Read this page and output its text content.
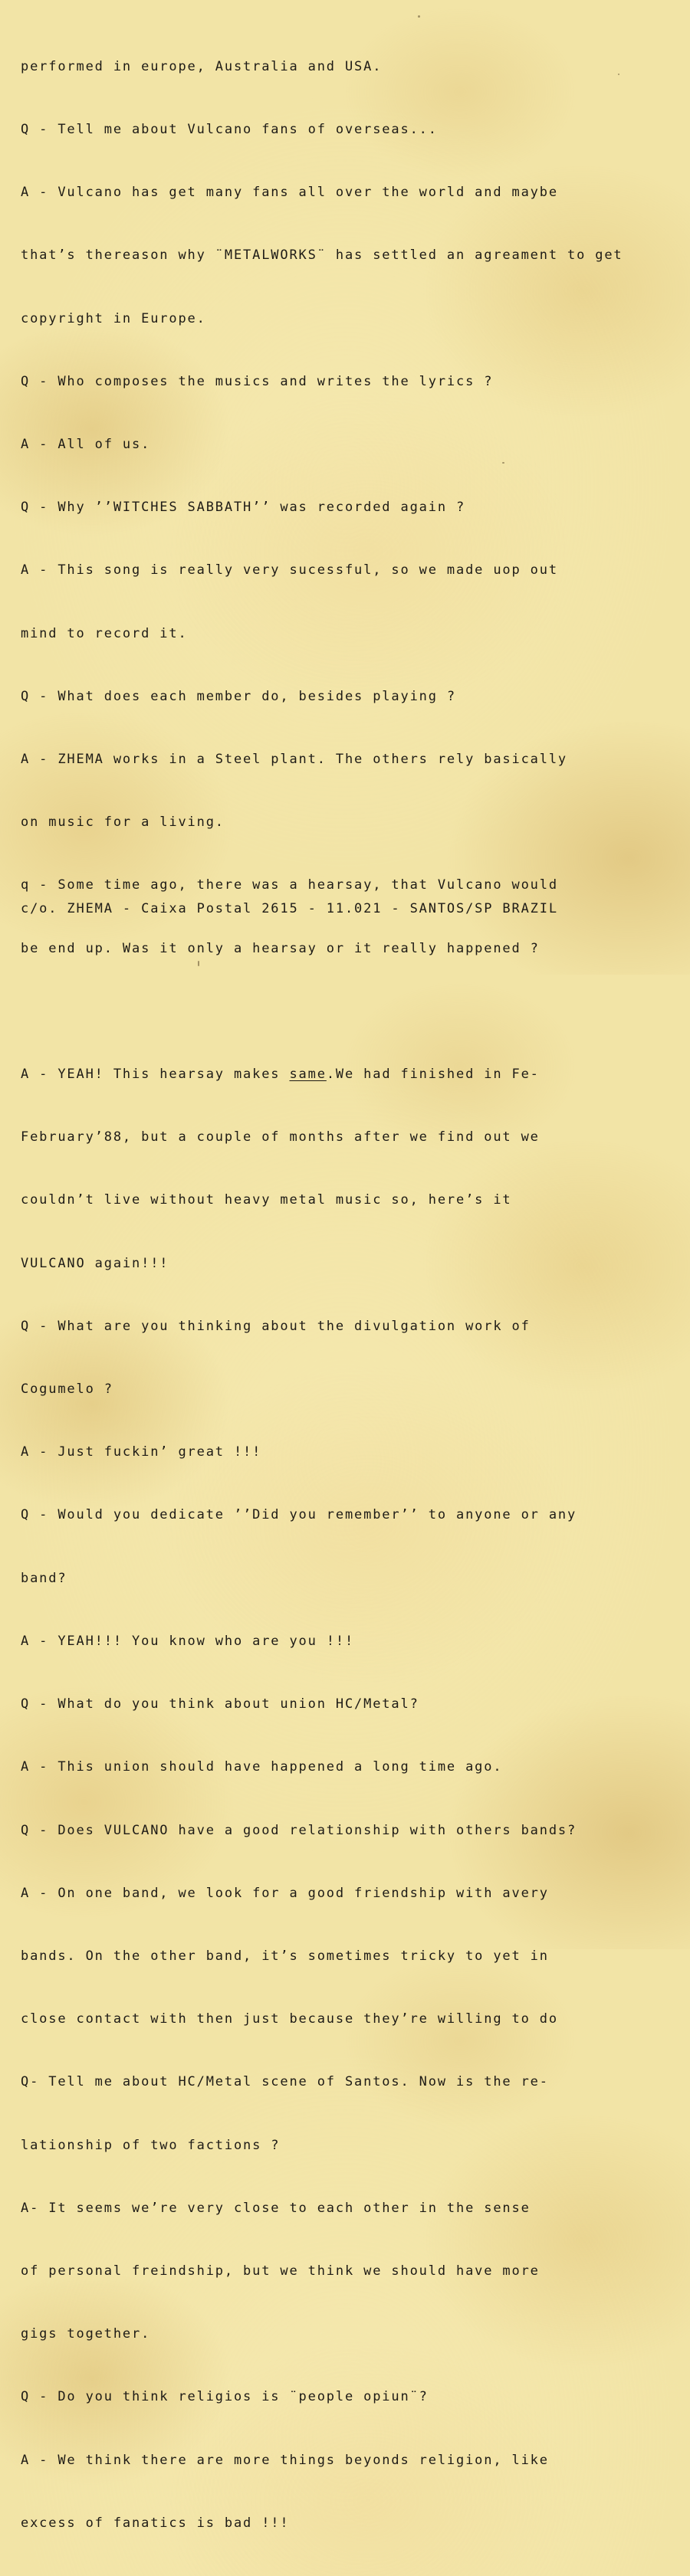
performed in europe, Australia and USA.

Q - Tell me about Vulcano fans of overseas...

A - Vulcano has get many fans all over the world and maybe

that’s thereason why ¨METALWORKS¨ has settled an agreament to get

copyright in Europe.

Q - Who composes the musics and writes the lyrics ?

A - All of us.

Q - Why ’’WITCHES SABBATH’’ was recorded again ?

A - This song is really very sucessful, so we made uop out

mind to record it.

Q - What does each member do, besides playing ?

A - ZHEMA works in a Steel plant. The others rely basically

on music for a living.

q - Some time ago, there was a hearsay, that Vulcano would

be end up. Was it only a hearsay or it really happened ?

A - YEAH! This hearsay makes same.We had finished in Fe-

February’88, but a couple of months after we find out we

couldn’t live without heavy metal music so, here’s it

VULCANO again!!!

Q - What are you thinking about the divulgation work of

Cogumelo ?

A - Just fuckin’ great !!!

Q - Would you dedicate ’’Did you remember’’ to anyone or any

band?

A - YEAH!!! You know who are you !!!

Q - What do you think about union HC/Metal?

A - This union should have happened a long time ago.

Q - Does VULCANO have a good relationship with others bands?

A - On one band, we look for a good friendship with avery

bands. On the other band, it’s sometimes tricky to yet in

close contact with then just because they’re willing to do

Q- Tell me about HC/Metal scene of Santos. Now is the re-

lationship of two factions ?

A- It seems we’re very close to each other in the sense

of personal freindship, but we think we should have more

gigs together.

Q - Do you think religios is ¨people opiun¨?

A - We think there are more things beyonds religion, like

excess of fanatics is bad !!!

c/o. ZHEMA - Caixa Postal 2615 - 11.021 - SANTOS/SP BRAZIL
